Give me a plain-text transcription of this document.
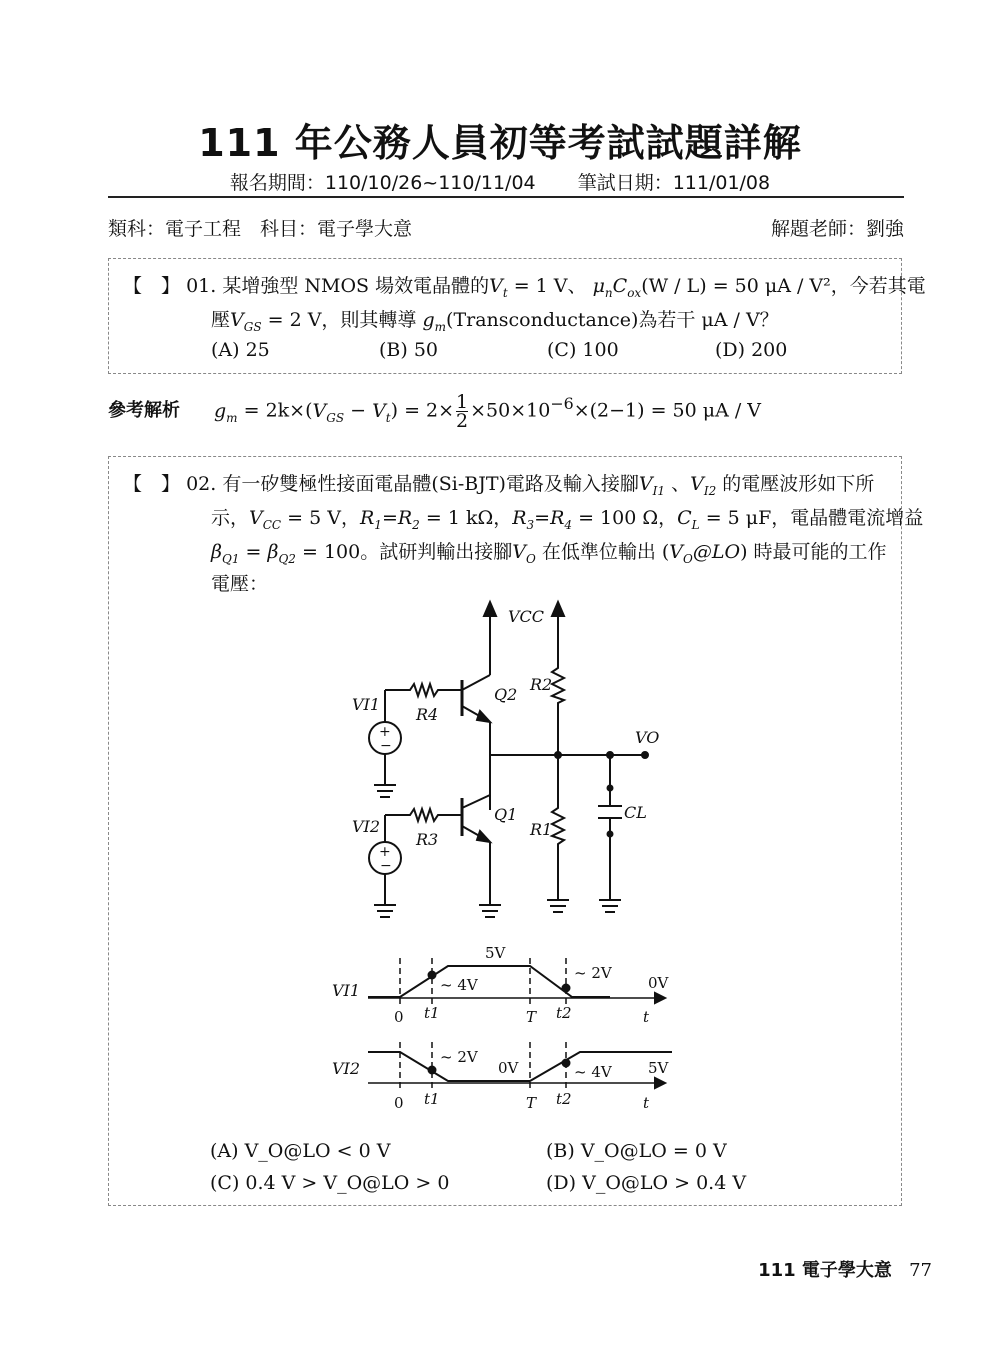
111 年公務人員初等考試試題詳解
報名期間：110/10/26~110/11/04 筆試日期：111/01/08
類科：電子工程　科目：電子學大意	解題老師：劉強
【　】 01. 某增強型 NMOS 場效電晶體的$V_t = 1$ V、 $\mu_nC_{ox}(W / L) = 50$ μA / V²，今若其電
壓$V_{GS} = 2$ V，則其轉導 $g_m(Transconductance)$為若干 μA / V？
(A) 25	(B) 50	(C) 100	(D) 200
參考解析 $g_m = 2k\times(V_{GS} - V_t) = 2\times \frac{1}{2} \times 50\times 10^{-6}\times(2-1) = 50$ μA / V
【　】 02. 有一矽雙極性接面電晶體(Si-BJT)電路及輸入接腳$V_{I1}$ 、$V_{I2}$ 的電壓波形如下所
示，$V_{CC} = 5$ V，$R_1=R_2 = 1$ kΩ，$R_3=R_4 = 100$ Ω，$C_L = 5$ μF，電晶體電流增益
$\beta_{Q1} = \beta_{Q2} = 100$。試研判輸出接腳$V_O$ 在低準位輸出 $(V_O@LO)$ 時最可能的工作
電壓：
VCC
Q2
R4
+
−
VI1
VO
R2
R1
CL
Q1
R3
+
−
VI2
VI1
5V
~ 4V
~ 2V
0V
0 t1	T t2	t
VI2
~ 2V
0V	~ 4V 5V
0 t1	T t2	t
(A) V_O@LO < 0 V	(B) V_O@LO = 0 V
(C) 0.4 V > V_O@LO > 0	(D) V_O@LO > 0.4 V
111 電子學大意 77
